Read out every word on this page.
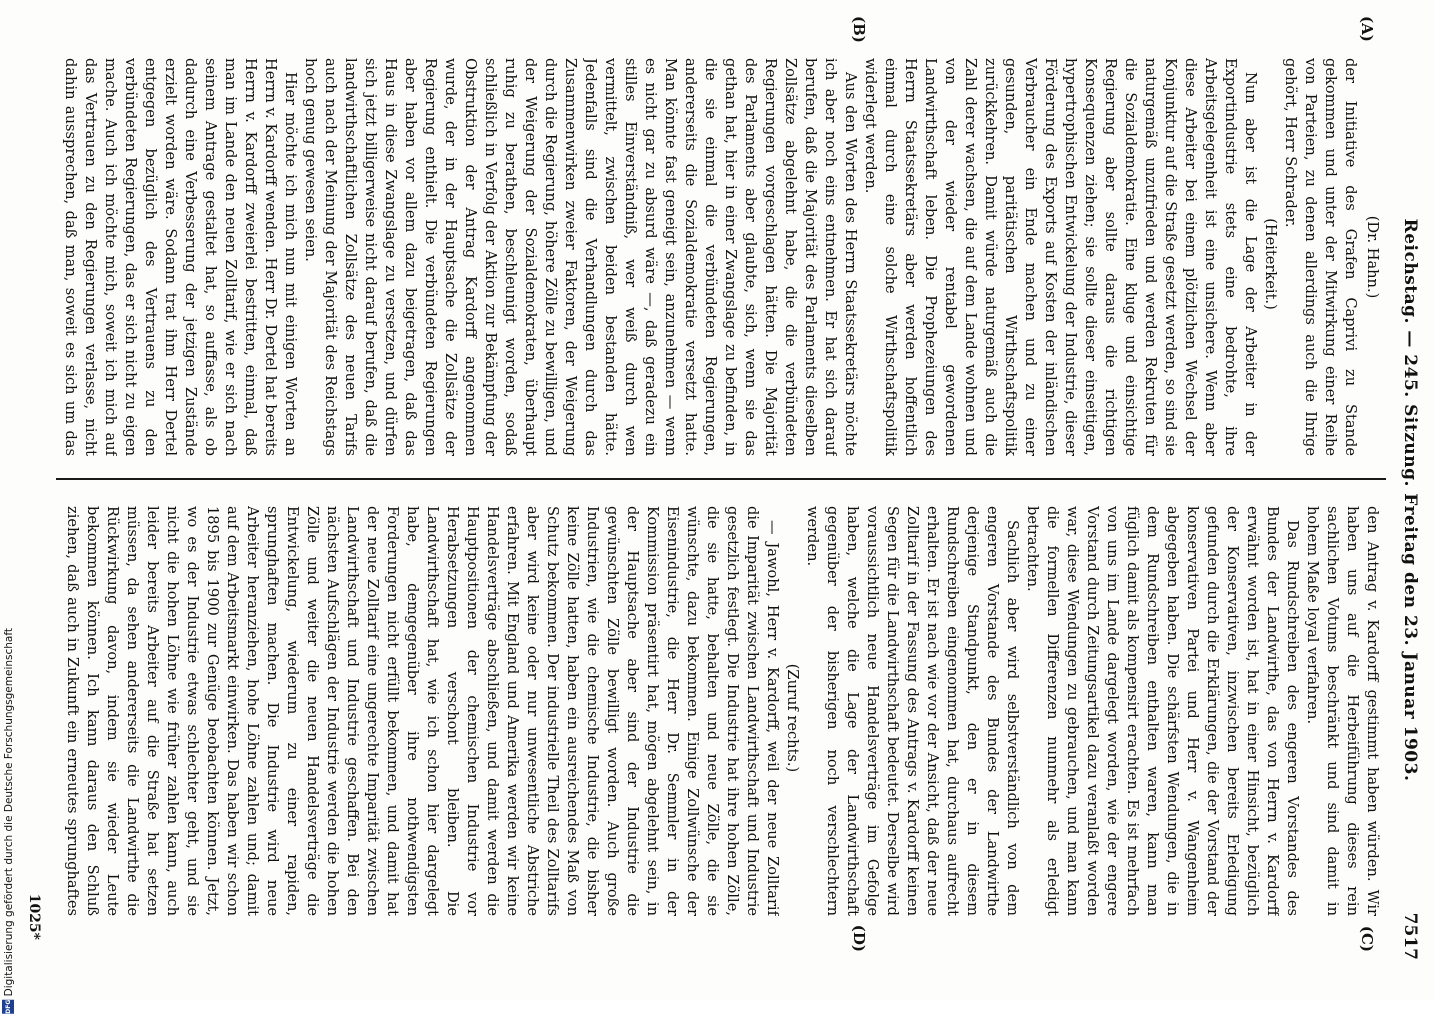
Reichstag. — 245. Sitzung. Freitag den 23. Januar 1903.
7517
(A)
(B)
(C)
(D)
(Dr. Hahn.)

der Initiative des Grafen Caprivi zu Stande gekommen und unter der Mitwirkung einer Reihe von Parteien, zu denen allerdings auch die Ihrige gehört, Herr Schrader.

(Heiterkeit.)

Nun aber ist die Lage der Arbeiter in der Exportindustrie stets eine bedrohte, ihre Arbeitsgelegenheit ist eine unsichere. Wenn aber diese Arbeiter bei einem plötzlichen Wechsel der Konjunktur auf die Straße gesetzt werden, so sind sie naturgemäß unzufrieden und werden Rekruten für die Sozialdemokratie. Eine kluge und einsichtige Regierung aber sollte daraus die richtigen Konsequenzen ziehen; sie sollte dieser einseitigen, hypertrophischen Entwickelung der Industrie, dieser Förderung des Exports auf Kosten der inländischen Verbraucher ein Ende machen und zu einer gesunden, paritätischen Wirthschaftspolitik zurückkehren. Damit würde naturgemäß auch die Zahl derer wachsen, die auf dem Lande wohnen und von der wieder rentabel gewordenen Landwirthschaft leben. Die Prophezeiungen des Herrn Staatssekretärs aber werden hoffentlich einmal durch eine solche Wirthschaftspolitik widerlegt werden.

Aus den Worten des Herrn Staatssekretärs möchte ich aber noch eins entnehmen. Er hat sich darauf berufen, daß die Majorität des Parlaments dieselben Zollsätze abgelehnt habe, die die verbündeten Regierungen vorgeschlagen hätten. Die Majorität des Parlaments aber glaubte, sich, wenn sie das gethan hat, hier in einer Zwangslage zu befinden, in die sie einmal die verbündeten Regierungen, andererseits die Sozialdemokratie versetzt hatte. Man könnte fast geneigt sein, anzunehmen — wenn es nicht gar zu absurd wäre —, daß geradezu ein stilles Einverständniß, wer weiß durch wen vermittelt, zwischen beiden bestanden hätte. Jedenfalls sind die Verhandlungen durch das Zusammenwirken zweier Faktoren, der Weigerung durch die Regierung, höhere Zölle zu bewilligen, und der Weigerung der Sozialdemokraten, überhaupt ruhig zu berathen, beschleunigt worden, sodaß schließlich in Verfolg der Aktion zur Bekämpfung der Obstruktion der Antrag Kardorff angenommen wurde, der in der Hauptsache die Zollsätze der Regierung enthielt. Die verbündeten Regierungen aber haben vor allem dazu beigetragen, daß das Haus in diese Zwangslage zu versetzen, und dürfen sich jetzt billigerweise nicht darauf berufen, daß die landwirthschaftlichen Zollsätze des neuen Tarifs auch nach der Meinung der Majorität des Reichstags hoch genug gewesen seien.

Hier möchte ich mich nun mit einigen Worten an Herrn v. Kardorff wenden. Herr Dr. Dertel hat bereits Herrn v. Kardorff zweierlei bestritten, einmal, daß man im Lande den neuen Zolltarif, wie er sich nach seinem Antrage gestaltet hat, so auffasse, als ob dadurch eine Verbesserung der jetzigen Zustände erzielt worden wäre. Sodann trat ihm Herr Dertel entgegen bezüglich des Vertrauens zu den verbündeten Regierungen, das er sich nicht zu eigen mache. Auch ich möchte mich, soweit ich mich auf das Vertrauen zu den Regierungen verlasse, nicht dahin aussprechen, daß man, soweit es sich um das

den Antrag v. Kardorff gestimmt haben würden. Wir haben uns auf die Herbeiführung dieses rein sachlichen Votums beschränkt und sind damit in hohem Maße loyal verfahren.

Das Rundschreiben des engeren Vorstandes des Bundes der Landwirthe, das von Herrn v. Kardorff erwähnt worden ist, hat in einer Hinsicht, bezüglich der Konservativen, inzwischen bereits Erledigung gefunden durch die Erklärungen, die der Vorstand der konservativen Partei und Herr v. Wangenheim abgegeben haben. Die schärfsten Wendungen, die in dem Rundschreiben enthalten waren, kann man füglich damit als kompensirt erachten. Es ist mehrfach von uns im Lande dargelegt worden, wie der engere Vorstand durch Zeitungsartikel dazu veranlaßt worden war, diese Wendungen zu gebrauchen, und man kann die formellen Differenzen nunmehr als erledigt betrachten.

Sachlich aber wird selbstverständlich von dem engeren Vorstande des Bundes der Landwirthe derjenige Standpunkt, den er in diesem Rundschreiben eingenommen hat, durchaus aufrecht erhalten. Er ist nach wie vor der Ansicht, daß der neue Zolltarif in der Fassung des Antrags v. Kardorff keinen Segen für die Landwirthschaft bedeutet. Derselbe wird voraussichtlich neue Handelsverträge im Gefolge haben, welche die Lage der Landwirthschaft gegenüber der bisherigen noch verschlechtern werden.

(Zuruf rechts.)

— Jawohl, Herr v. Kardorff, weil der neue Zolltarif die Imparität zwischen Landwirthschaft und Industrie gesetzlich festlegt. Die Industrie hat ihre hohen Zölle, die sie hatte, behalten und neue Zölle, die sie wünschte, dazu bekommen. Einige Zollwünsche der Eisenindustrie, die Herr Dr. Semmler in der Kommission präsentirt hat, mögen abgelehnt sein, in der Hauptsache aber sind der Industrie die gewünschten Zölle bewilligt worden. Auch große Industrien, wie die chemische Industrie, die bisher keine Zölle hatten, haben ein ausreichendes Maß von Schutz bekommen. Der industrielle Theil des Zolltarifs aber wird keine oder nur unwesentliche Abstriche erfahren. Mit England und Amerika werden wir keine Handelsverträge abschließen, und damit werden die Hauptpositionen der chemischen Industrie vor Herabsetzungen verschont bleiben. Die Landwirthschaft hat, wie ich schon hier dargelegt habe, demgegenüber ihre nothwendigsten Forderungen nicht erfüllt bekommen, und damit hat der neue Zolltarif eine ungerechte Imparität zwischen Landwirthschaft und Industrie geschaffen. Bei den nächsten Aufschlägen der Industrie werden die hohen Zölle und weiter die neuen Handelsverträge die Entwickelung, wiederum zu einer rapiden, sprunghaften machen. Die Industrie wird neue Arbeiter heranziehen, hohe Löhne zahlen und; damit auf dem Arbeitsmarkt einwirken. Das haben wir schon 1895 bis 1900 zur Genüge beobachten können. Jetzt, wo es der Industrie etwas schlechter geht, und sie nicht die hohen Löhne wie früher zahlen kann, auch leider bereits Arbeiter auf die Straße hat setzen müssen, da sehen andererseits die Landwirthe die Rückwirkung davon, indem sie wieder Leute bekommen können. Ich kann daraus den Schluß ziehen, daß auch in Zukunft ein erneutes sprunghaftes

1025*
DFG Digitalisierung gefördert durch die Deutsche Forschungsgemeinschaft
